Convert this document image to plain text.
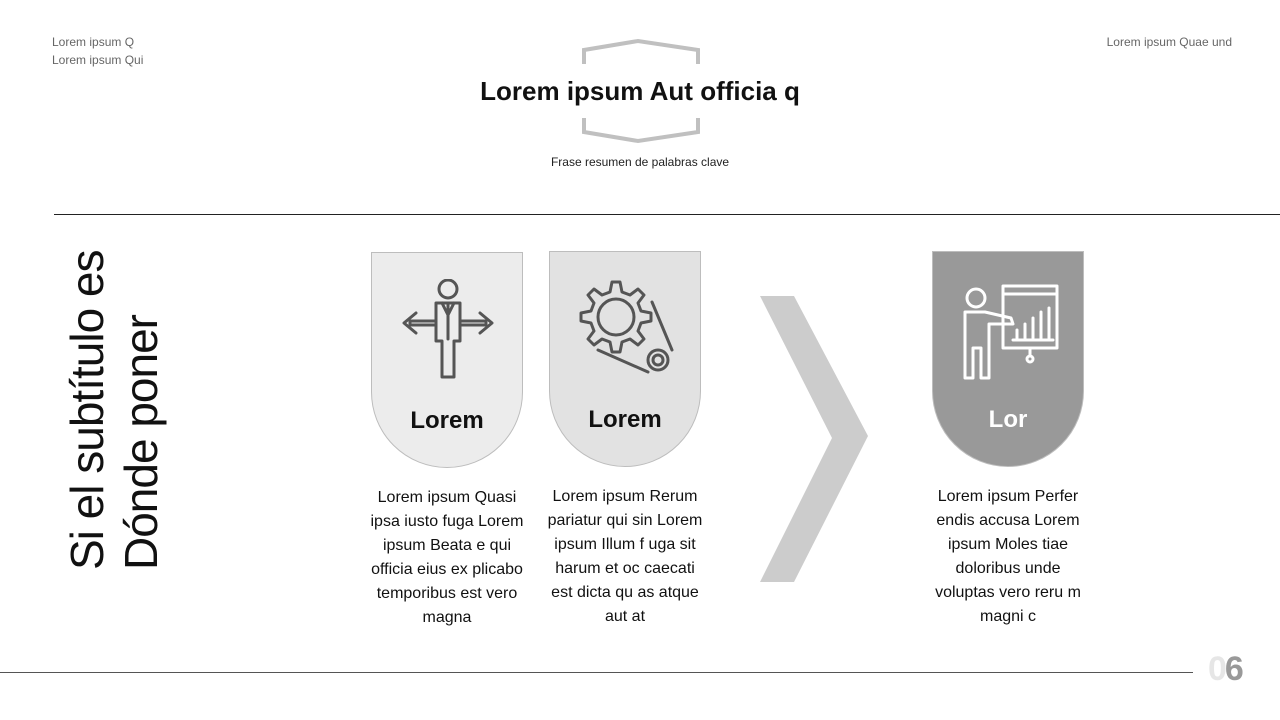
Lorem ipsum Q
Lorem ipsum Qui
Lorem ipsum Quae und
Lorem ipsum Aut officia q
Frase resumen de palabras clave
Si el subtítulo es Dónde poner	Lorem
Lorem ipsum Quasi ipsa iusto fuga Lorem ipsum Beata e qui officia eius ex plicabo temporibus est vero magna
Lorem
Lorem ipsum Rerum pariatur qui sin Lorem ipsum Illum f uga sit harum et oc caecati est dicta qu as atque aut at
Lor
Lorem ipsum Perfer endis accusa Lorem ipsum Moles tiae doloribus unde voluptas vero reru m magni c
06
